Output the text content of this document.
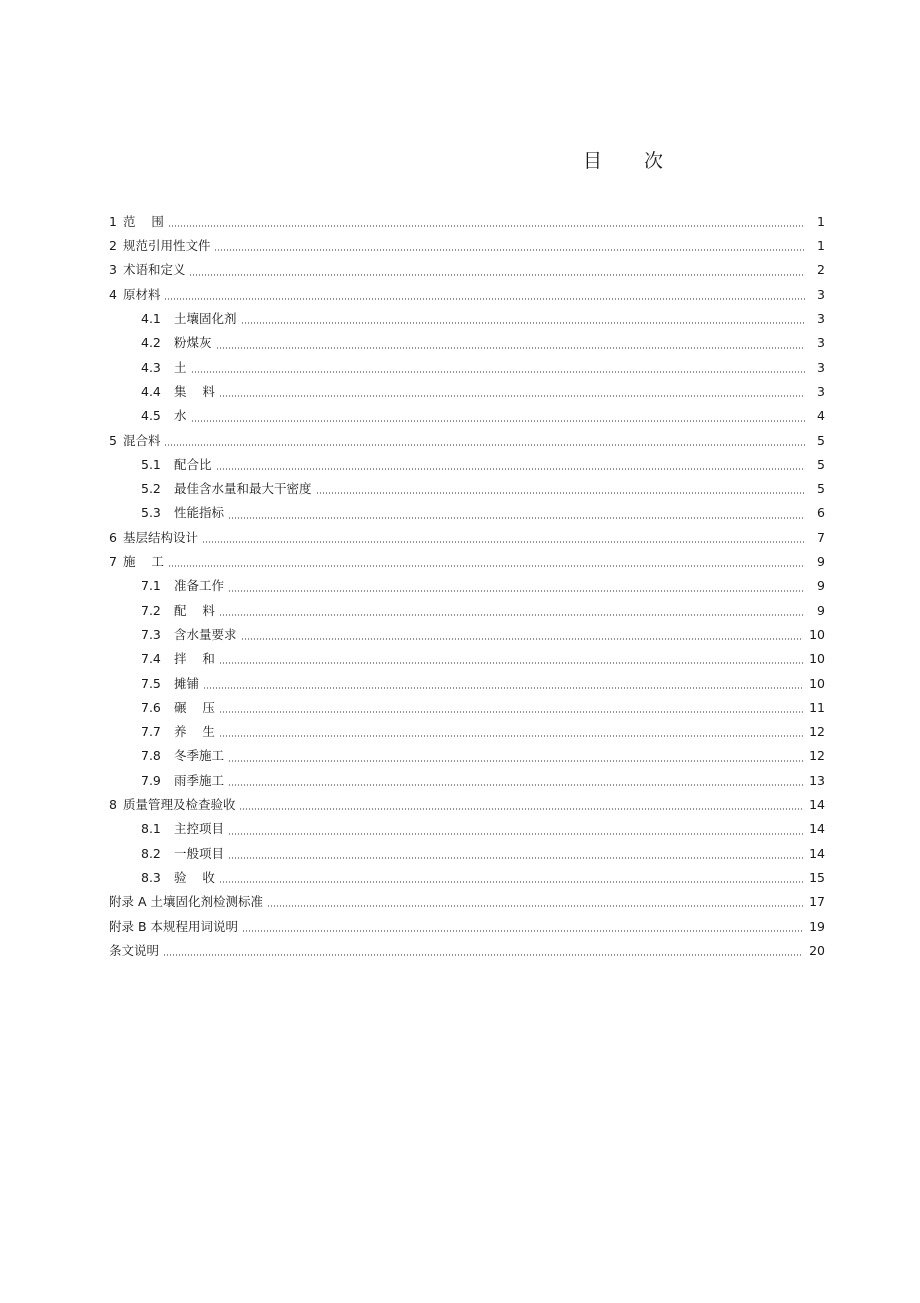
目 次
1 范    围	1
2 规范引用性文件	1
3 术语和定义	2
4 原材料	3
4.1	土壤固化剂	3
4.2	粉煤灰	3
4.3	土	3
4.4	集    料	3
4.5	水	4
5 混合料	5
5.1	配合比	5
5.2	最佳含水量和最大干密度	5
5.3	性能指标	6
6 基层结构设计	7
7 施    工	9
7.1	准备工作	9
7.2	配    料	9
7.3	含水量要求	10
7.4	拌    和	10
7.5	摊铺	10
7.6	碾    压	11
7.7	养    生	12
7.8	冬季施工	12
7.9	雨季施工	13
8 质量管理及检查验收	14
8.1	主控项目	14
8.2	一般项目	14
8.3	验    收	15
附录 A 土壤固化剂检测标准	17
附录 B 本规程用词说明	19
条文说明	20
